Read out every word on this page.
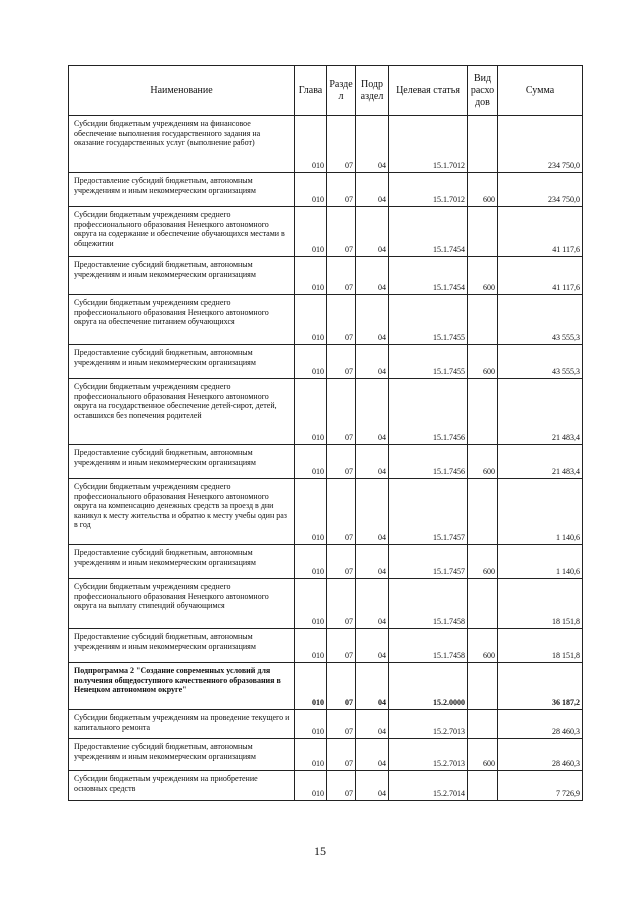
Наименование	Глава	Разде л	Подр аздел	Целевая статья	Вид расхо дов	Сумма
Субсидии бюджетным учреждениям на финансовое обеспечение выполнения государственного задания на оказание государственных услуг (выполнение работ)	010	07	04	15.1.7012		234 750,0
Предоставление субсидий бюджетным, автономным учреждениям и иным некоммерческим организациям	010	07	04	15.1.7012	600	234 750,0
Субсидии бюджетным учреждениям среднего профессионального образования Ненецкого автономного округа на содержание и обеспечение обучающихся местами в общежитии	010	07	04	15.1.7454		41 117,6
Предоставление субсидий бюджетным, автономным учреждениям и иным некоммерческим организациям	010	07	04	15.1.7454	600	41 117,6
Субсидии бюджетным учреждениям среднего профессионального образования Ненецкого автономного округа на обеспечение питанием обучающихся	010	07	04	15.1.7455		43 555,3
Предоставление субсидий бюджетным, автономным учреждениям и иным некоммерческим организациям	010	07	04	15.1.7455	600	43 555,3
Субсидии бюджетным учреждениям среднего профессионального образования Ненецкого автономного округа на государственное обеспечение детей-сирот, детей, оставшихся без попечения родителей	010	07	04	15.1.7456		21 483,4
Предоставление субсидий бюджетным, автономным учреждениям и иным некоммерческим организациям	010	07	04	15.1.7456	600	21 483,4
Субсидии бюджетным учреждениям среднего профессионального образования Ненецкого автономного округа на компенсацию денежных средств за проезд в дни каникул к месту жительства и обратно к месту учебы один раз в год	010	07	04	15.1.7457		1 140,6
Предоставление субсидий бюджетным, автономным учреждениям и иным некоммерческим организациям	010	07	04	15.1.7457	600	1 140,6
Субсидии бюджетным учреждениям среднего профессионального образования Ненецкого автономного округа на выплату стипендий обучающимся	010	07	04	15.1.7458		18 151,8
Предоставление субсидий бюджетным, автономным учреждениям и иным некоммерческим организациям	010	07	04	15.1.7458	600	18 151,8
Подпрограмма 2 "Создание современных условий для получения общедоступного качественного образования в Ненецком автономном округе"	010	07	04	15.2.0000		36 187,2
Субсидии бюджетным учреждениям на проведение текущего и капитального ремонта	010	07	04	15.2.7013		28 460,3
Предоставление субсидий бюджетным, автономным учреждениям и иным некоммерческим организациям	010	07	04	15.2.7013	600	28 460,3
Субсидии бюджетным учреждениям на приобретение основных средств	010	07	04	15.2.7014		7 726,9
15
